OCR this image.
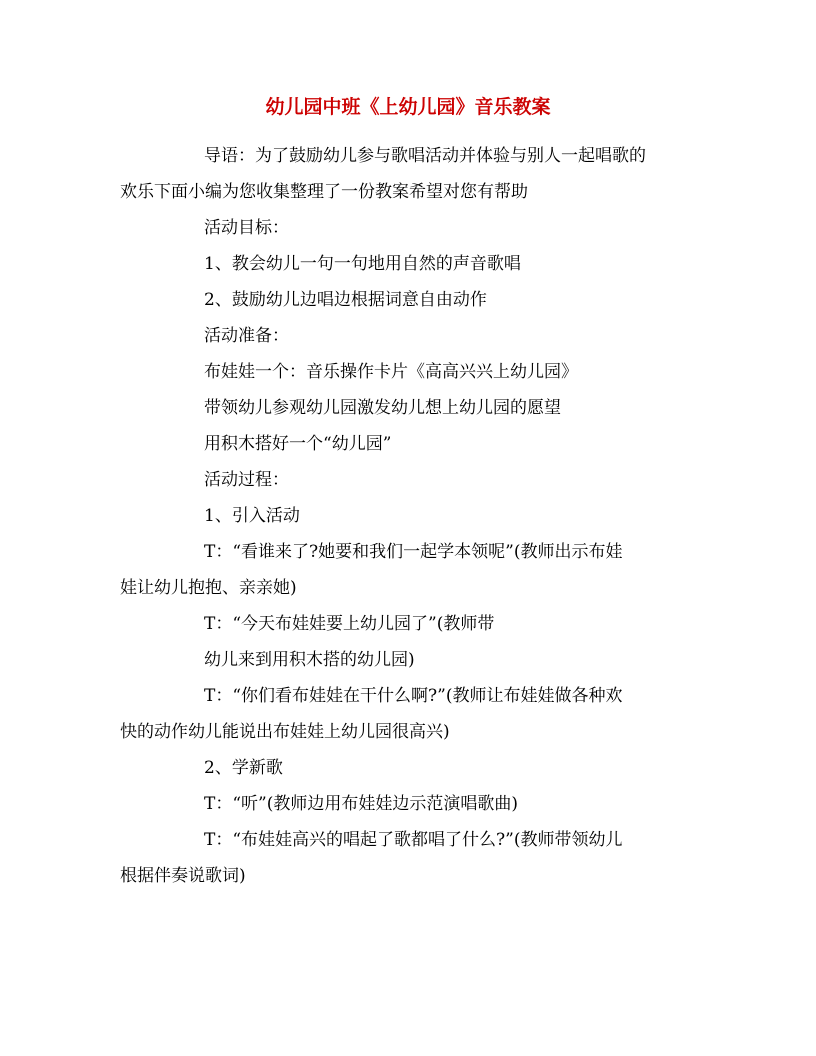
幼儿园中班《上幼儿园》音乐教案

导语：为了鼓励幼儿参与歌唱活动并体验与别人一起唱歌的

欢乐下面小编为您收集整理了一份教案希望对您有帮助

活动目标：

1、教会幼儿一句一句地用自然的声音歌唱

2、鼓励幼儿边唱边根据词意自由动作

活动准备：

布娃娃一个：音乐操作卡片《高高兴兴上幼儿园》

带领幼儿参观幼儿园激发幼儿想上幼儿园的愿望

用积木搭好一个“幼儿园”

活动过程：

1、引入活动

T：“看谁来了?她要和我们一起学本领呢”(教师出示布娃

娃让幼儿抱抱、亲亲她)

T：“今天布娃娃要上幼儿园了”(教师带

幼儿来到用积木搭的幼儿园)

T：“你们看布娃娃在干什么啊?”(教师让布娃娃做各种欢

快的动作幼儿能说出布娃娃上幼儿园很高兴)

2、学新歌

T：“听”(教师边用布娃娃边示范演唱歌曲)

T：“布娃娃高兴的唱起了歌都唱了什么?”(教师带领幼儿

根据伴奏说歌词)
